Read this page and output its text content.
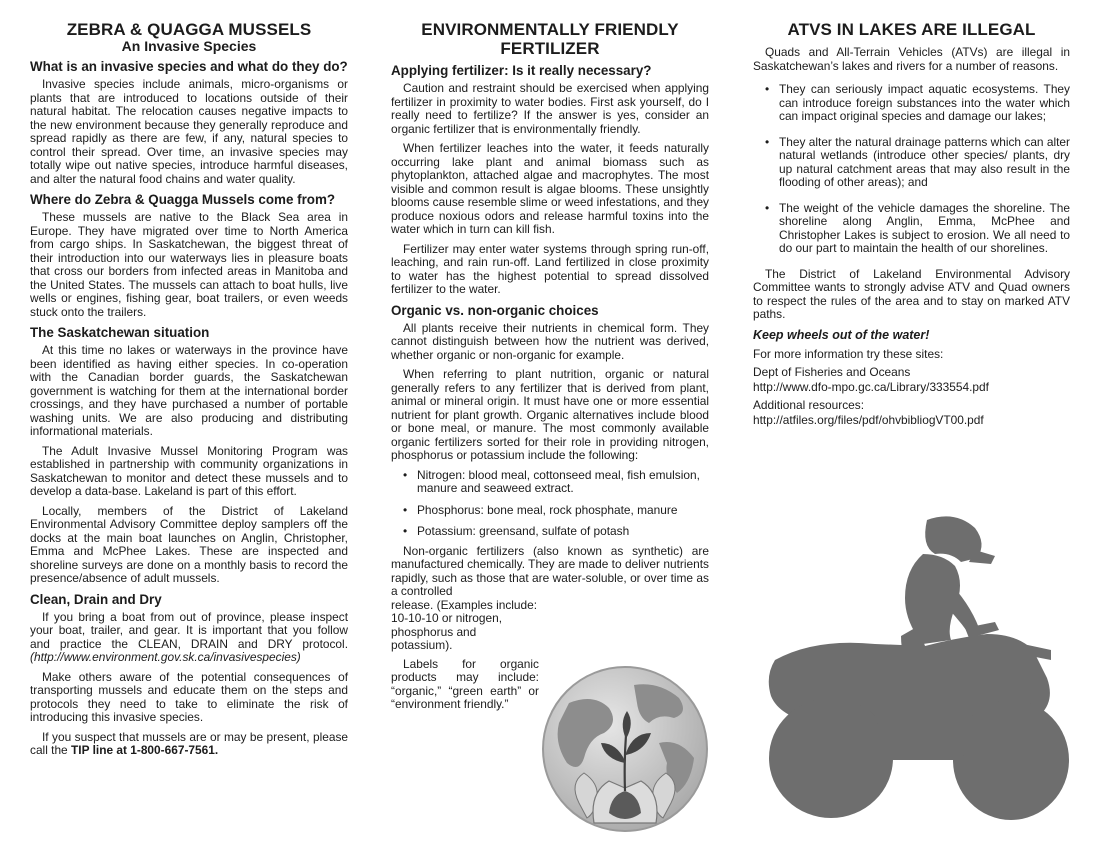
ZEBRA & QUAGGA MUSSELS
An Invasive Species
What is an invasive species and what do they do?

Invasive species include animals, micro-organisms or plants that are introduced to locations outside of their natural habitat. The relocation causes negative impacts to the new environment because they generally reproduce and spread rapidly as there are few, if any, natural species to control their spread. Over time, an invasive species may totally wipe out native species, introduce harmful diseases, and alter the natural food chains and water quality.

Where do Zebra & Quagga Mussels come from?

These mussels are native to the Black Sea area in Europe. They have migrated over time to North America from cargo ships. In Saskatchewan, the biggest threat of their introduction into our waterways lies in pleasure boats that cross our borders from infected areas in Manitoba and the United States. The mussels can attach to boat hulls, live wells or engines, fishing gear, boat trailers, or even weeds stuck onto the trailers.

The Saskatchewan situation

At this time no lakes or waterways in the province have been identified as having either species. In co-operation with the Canadian border guards, the Saskatchewan government is watching for them at the international border crossings, and they have purchased a number of portable washing units. We are also producing and distributing informational materials.

The Adult Invasive Mussel Monitoring Program was established in partnership with community organizations in Saskatchewan to monitor and detect these mussels and to develop a data-base. Lakeland is part of this effort.

Locally, members of the District of Lakeland Environmental Advisory Committee deploy samplers off the docks at the main boat launches on Anglin, Christopher, Emma and McPhee Lakes. These are inspected and shoreline surveys are done on a monthly basis to record the presence/absence of adult mussels.

Clean, Drain and Dry

If you bring a boat from out of province, please inspect your boat, trailer, and gear. It is important that you follow and practice the CLEAN, DRAIN and DRY protocol. (http://www.environment.gov.sk.ca/invasivespecies)

Make others aware of the potential consequences of transporting mussels and educate them on the steps and protocols they need to take to eliminate the risk of introducing this invasive species.

If you suspect that mussels are or may be present, please call the TIP line at 1-800-667-7561.

ENVIRONMENTALLY FRIENDLY FERTILIZER
Applying fertilizer: Is it really necessary?

Caution and restraint should be exercised when applying fertilizer in proximity to water bodies. First ask yourself, do I really need to fertilize? If the answer is yes, consider an organic fertilizer that is environmentally friendly.

When fertilizer leaches into the water, it feeds naturally occurring lake plant and animal biomass such as phytoplankton, attached algae and macrophytes. The most visible and common result is algae blooms. These unsightly blooms cause resemble slime or weed infestations, and they produce noxious odors and release harmful toxins into the water which in turn can kill fish.

Fertilizer may enter water systems through spring run-off, leaching, and rain run-off. Land fertilized in close proximity to water has the highest potential to spread dissolved fertilizer to the water.

Organic vs. non-organic choices

All plants receive their nutrients in chemical form. They cannot distinguish between how the nutrient was derived, whether organic or non-organic for example.

When referring to plant nutrition, organic or natural generally refers to any fertilizer that is derived from plant, animal or mineral origin. It must have one or more essential nutrient for plant growth. Organic alternatives include blood or bone meal, or manure. The most commonly available organic fertilizers sorted for their role in providing nitrogen, phosphorus or potassium include the following:

• Nitrogen: blood meal, cottonseed meal, fish emulsion, manure and seaweed extract.
• Phosphorus: bone meal, rock phosphate, manure
• Potassium: greensand, sulfate of potash

Non-organic fertilizers (also known as synthetic) are manufactured chemically. They are made to deliver nutrients rapidly, such as those that are water-soluble, or over time as a controlled

release. (Examples include: 10-10-10 or nitrogen, phosphorus and potassium).

Labels for organic products may include: “organic,” “green earth” or “environment friendly.”

ATVS IN LAKES ARE ILLEGAL

Quads and All-Terrain Vehicles (ATVs) are illegal in Saskatchewan’s lakes and rivers for a number of reasons.

• They can seriously impact aquatic ecosystems. They can introduce foreign substances into the water which can impact original species and damage our lakes;
• They alter the natural drainage patterns which can alter natural wetlands (introduce other species/ plants, dry up natural catchment areas that may also result in the flooding of other areas); and
• The weight of the vehicle damages the shoreline. The shoreline along Anglin, Emma, McPhee and Christopher Lakes is subject to erosion. We all need to do our part to maintain the health of our shorelines.

The District of Lakeland Environmental Advisory Committee wants to strongly advise ATV and Quad owners to respect the rules of the area and to stay on marked ATV paths.

Keep wheels out of the water!

For more information try these sites:

Dept of Fisheries and Oceans

http://www.dfo-mpo.gc.ca/Library/333554.pdf

Additional resources:

http://atfiles.org/files/pdf/ohvbibliogVT00.pdf
